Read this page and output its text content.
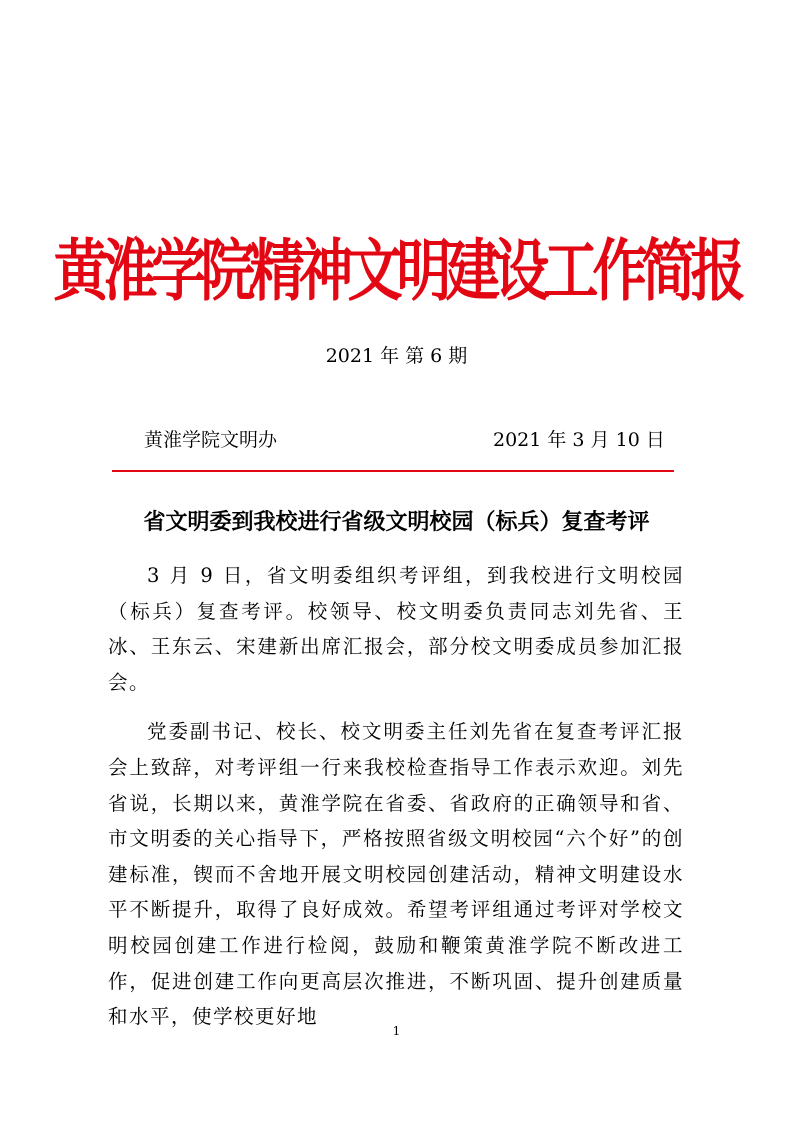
黄淮学院精神文明建设工作简报
2021 年 第 6 期
黄淮学院文明办	2021 年 3 月 10 日
省文明委到我校进行省级文明校园（标兵）复查考评

3 月 9 日，省文明委组织考评组，到我校进行文明校园（标兵）复查考评。校领导、校文明委负责同志刘先省、王冰、王东云、宋建新出席汇报会，部分校文明委成员参加汇报会。

党委副书记、校长、校文明委主任刘先省在复查考评汇报会上致辞，对考评组一行来我校检查指导工作表示欢迎。刘先省说，长期以来，黄淮学院在省委、省政府的正确领导和省、市文明委的关心指导下，严格按照省级文明校园“六个好”的创建标准，锲而不舍地开展文明校园创建活动，精神文明建设水平不断提升，取得了良好成效。希望考评组通过考评对学校文明校园创建工作进行检阅，鼓励和鞭策黄淮学院不断改进工作，促进创建工作向更高层次推进，不断巩固、提升创建质量和水平，使学校更好地

1
